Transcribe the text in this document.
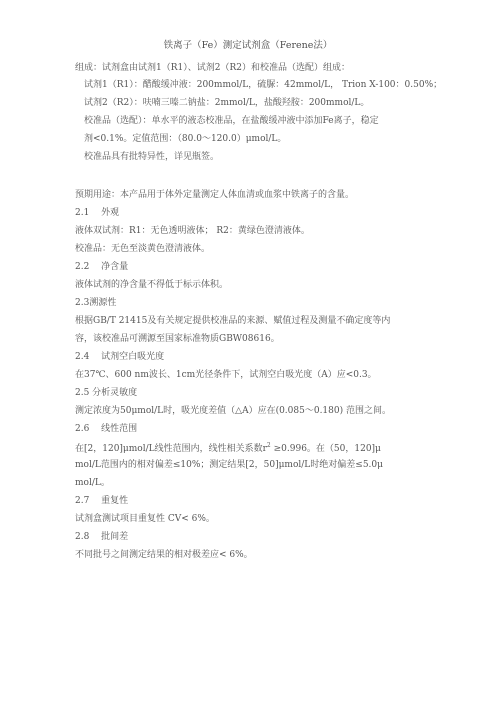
铁离子（Fe）测定试剂盒（Ferene法）
组成：试剂盒由试剂1（R1）、试剂2（R2）和校准品（选配）组成：
试剂1（R1）：醋酸缓冲液：200mmol/L，硫脲：42mmol/L， Trion X-100：0.50%；
试剂2（R2）：呋喃三嗪二钠盐：2mmol/L，盐酸羟胺：200mmol/L。
校准品（选配）：单水平的液态校准品，在盐酸缓冲液中添加Fe离子，稳定
剂<0.1%。定值范围：（80.0～120.0）μmol/L。
校准品具有批特异性，详见瓶签。
预期用途：本产品用于体外定量测定人体血清或血浆中铁离子的含量。
2.1　 外观
液体双试剂：R1：无色透明液体； R2：黄绿色澄清液体。
校准品：无色至淡黄色澄清液体。
2.2　 净含量
液体试剂的净含量不得低于标示体积。
2.3溯源性
根据GB/T 21415及有关规定提供校准品的来源、赋值过程及测量不确定度等内
容，该校准品可溯源至国家标准物质GBW08616。
2.4　 试剂空白吸光度
在37℃、600 nm波长、1cm光径条件下，试剂空白吸光度（A）应<0.3。
2.5 分析灵敏度
测定浓度为50μmol/L时，吸光度差值（△A）应在(0.085～0.180) 范围之间。
2.6　 线性范围
在[2，120]μmol/L线性范围内，线性相关系数$r^2 \ge 0.996$。在（50，120]μ
mol/L范围内的相对偏差≤10%；测定结果[2，50]μmol/L时绝对偏差≤5.0μ
mol/L。
2.7　 重复性
试剂盒测试项目重复性 CV< 6%。
2.8　 批间差
不同批号之间测定结果的相对极差应< 6%。
